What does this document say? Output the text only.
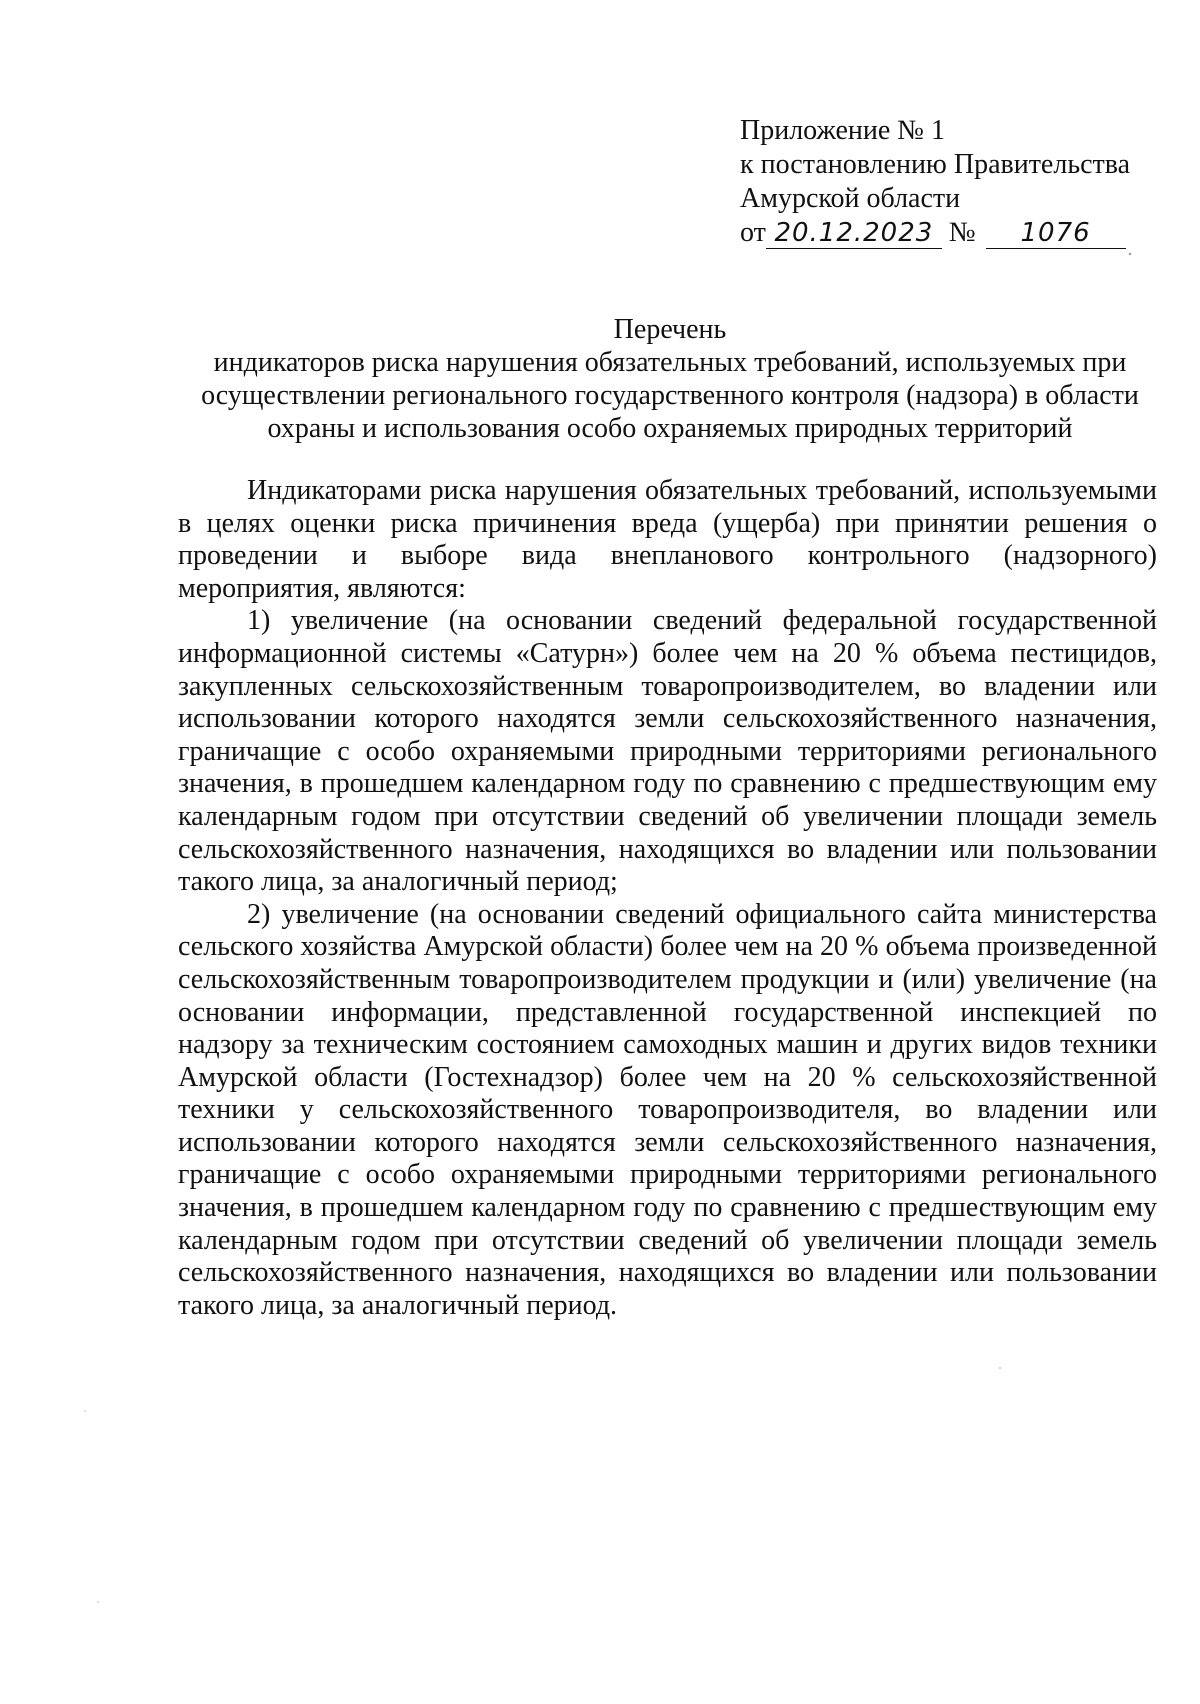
Приложение № 1
к постановлению Правительства
Амурской области
от 20.12.2023 № 1076
Перечень
индикаторов риска нарушения обязательных требований, используемых при осуществлении регионального государственного контроля (надзора) в области охраны и использования особо охраняемых природных территорий

Индикаторами риска нарушения обязательных требований, используемыми в целях оценки риска причинения вреда (ущерба) при принятии решения о проведении и выборе вида внепланового контрольного (надзорного) мероприятия, являются:

1) увеличение (на основании сведений федеральной государственной информационной системы «Сатурн») более чем на 20 % объема пестицидов, закупленных сельскохозяйственным товаропроизводителем, во владении или использовании которого находятся земли сельскохозяйственного назначения, граничащие с особо охраняемыми природными территориями регионального значения, в прошедшем календарном году по сравнению с предшествующим ему календарным годом при отсутствии сведений об увеличении площади земель сельскохозяйственного назначения, находящихся во владении или пользовании такого лица, за аналогичный период;

2) увеличение (на основании сведений официального сайта министерства сельского хозяйства Амурской области) более чем на 20 % объема произведенной сельскохозяйственным товаропроизводителем продукции и (или) увеличение (на основании информации, представленной государственной инспекцией по надзору за техническим состоянием самоходных машин и других видов техники Амурской области (Гостехнадзор) более чем на 20 % сельскохозяйственной техники у сельскохозяйственного товаропроизводителя, во владении или использовании которого находятся земли сельскохозяйственного назначения, граничащие с особо охраняемыми природными территориями регионального значения, в прошедшем календарном году по сравнению с предшествующим ему календарным годом при отсутствии сведений об увеличении площади земель сельскохозяйственного назначения, находящихся во владении или пользовании такого лица, за аналогичный период.
